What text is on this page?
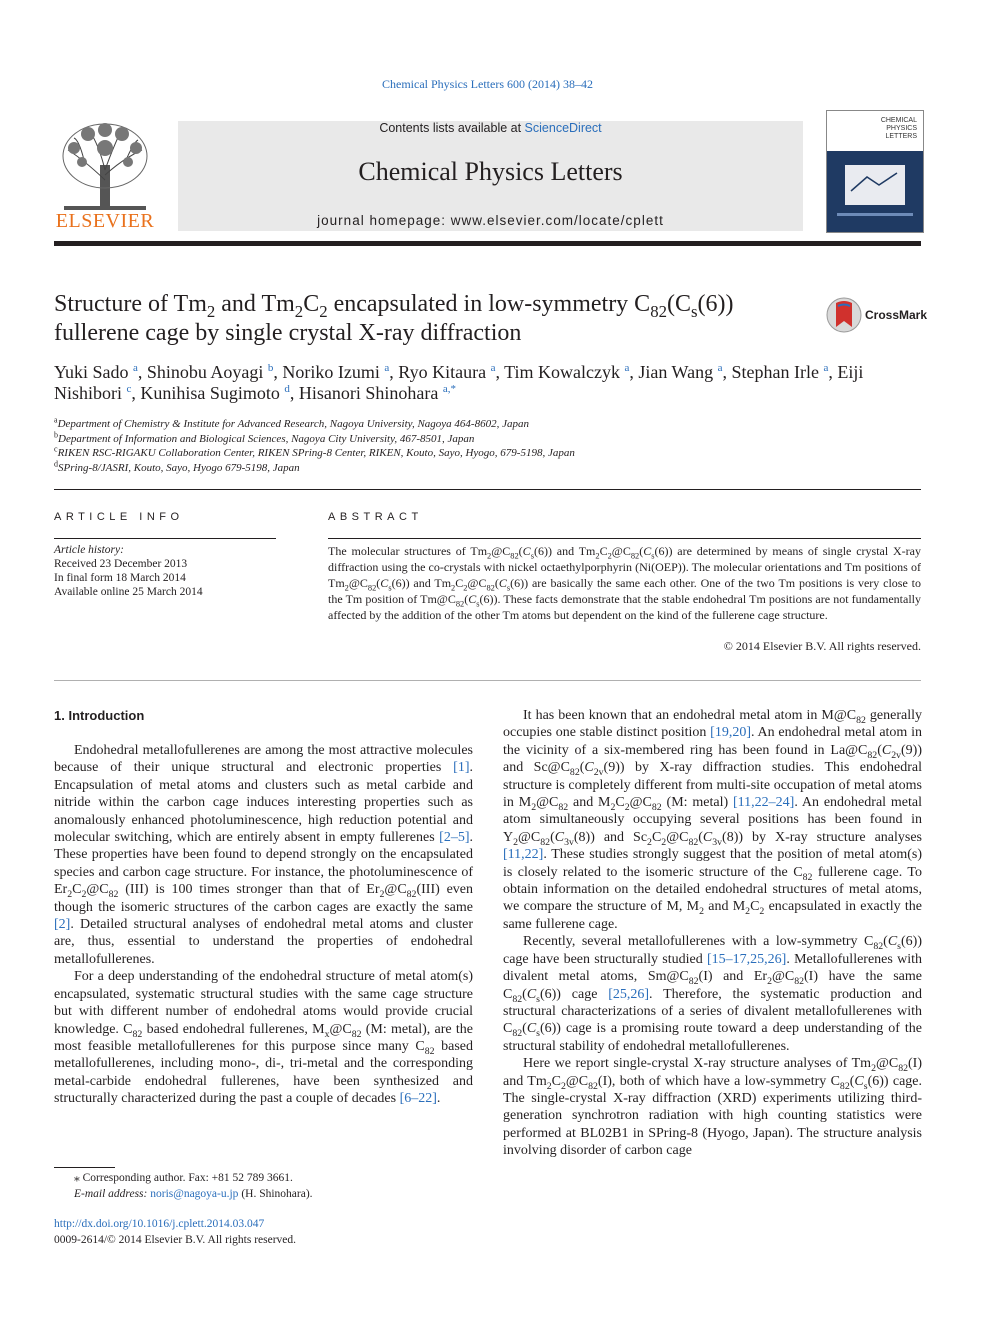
Chemical Physics Letters 600 (2014) 38–42
ELSEVIER
Contents lists available at ScienceDirect
Chemical Physics Letters
journal homepage: www.elsevier.com/locate/cplett
CHEMICAL
PHYSICS
LETTERS
Structure of $Tm_2$ and $Tm_2C_2$ encapsulated in low-symmetry $C_{82}(C_s(6))$ fullerene cage by single crystal X-ray diffraction
CrossMark
Yuki Sado $^a$, Shinobu Aoyagi $^b$, Noriko Izumi $^a$, Ryo Kitaura $^a$, Tim Kowalczyk $^a$, Jian Wang $^a$, Stephan Irle $^a$, Eiji Nishibori $^c$, Kunihisa Sugimoto $^d$, Hisanori Shinohara $^{a,*}$
$^a$Department of Chemistry & Institute for Advanced Research, Nagoya University, Nagoya 464-8602, Japan
$^b$Department of Information and Biological Sciences, Nagoya City University, 467-8501, Japan
$^c$RIKEN RSC-RIGAKU Collaboration Center, RIKEN SPring-8 Center, RIKEN, Kouto, Sayo, Hyogo, 679-5198, Japan
$^d$SPring-8/JASRI, Kouto, Sayo, Hyogo 679-5198, Japan
ARTICLE INFO	ABSTRACT
Article history:
Received 23 December 2013
In final form 18 March 2014
Available online 25 March 2014
The molecular structures of $Tm_2@C_{82}(C_s(6))$ and $Tm_2C_2@C_{82}(C_s(6))$ are determined by means of single crystal X-ray diffraction using the co-crystals with nickel octaethylporphyrin (Ni(OEP)). The molecular orientations and Tm positions of $Tm_2@C_{82}(C_s(6))$ and $Tm_2C_2@C_{82}(C_s(6))$ are basically the same each other. One of the two Tm positions is very close to the Tm position of $Tm@C_{82}(C_s(6))$. These facts demonstrate that the stable endohedral Tm positions are not fundamentally affected by the addition of the other Tm atoms but dependent on the kind of the fullerene cage structure.
© 2014 Elsevier B.V. All rights reserved.
1. Introduction

Endohedral metallofullerenes are among the most attractive molecules because of their unique structural and electronic properties [1]. Encapsulation of metal atoms and clusters such as metal carbide and nitride within the carbon cage induces interesting properties such as anomalously enhanced photoluminescence, high reduction potential and molecular switching, which are entirely absent in empty fullerenes [2–5]. These properties have been found to depend strongly on the encapsulated species and carbon cage structure. For instance, the photoluminescence of $Er_2C_2@C_{82}$ (III) is 100 times stronger than that of $Er_2@C_{82}(III)$ even though the isomeric structures of the carbon cages are exactly the same [2]. Detailed structural analyses of endohedral metal atoms and cluster are, thus, essential to understand the properties of endohedral metallofullerenes.

For a deep understanding of the endohedral structure of metal atom(s) encapsulated, systematic structural studies with the same cage structure but with different number of endohedral atoms would provide crucial knowledge. $C_{82}$ based endohedral fullerenes, $M_x@C_{82}$ (M: metal), are the most feasible metallofullerenes for this purpose since many $C_{82}$ based metallofullerenes, including mono-, di-, tri-metal and the corresponding metal-carbide endohedral fullerenes, have been synthesized and structurally characterized during the past a couple of decades [6–22].

It has been known that an endohedral metal atom in $M@C_{82}$ generally occupies one stable distinct position [19,20]. An endohedral metal atom in the vicinity of a six-membered ring has been found in $La@C_{82}(C_{2v}(9))$ and $Sc@C_{82}(C_{2v}(9))$ by X-ray diffraction studies. This endohedral structure is completely different from multi-site occupation of metal atoms in $M_2@C_{82}$ and $M_2C_2@C_{82}$ (M: metal) [11,22–24]. An endohedral metal atom simultaneously occupying several positions has been found in $Y_2@C_{82}(C_{3v}(8))$ and $Sc_2C_2@C_{82}(C_{3v}(8))$ by X-ray structure analyses [11,22]. These studies strongly suggest that the position of metal atom(s) is closely related to the isomeric structure of the $C_{82}$ fullerene cage. To obtain information on the detailed endohedral structures of metal atoms, we compare the structure of M, $M_2$ and $M_2C_2$ encapsulated in exactly the same fullerene cage.

Recently, several metallofullerenes with a low-symmetry $C_{82}(C_s(6))$ cage have been structurally studied [15–17,25,26]. Metallofullerenes with divalent metal atoms, $Sm@C_{82}(I)$ and $Er_2@C_{82}(I)$ have the same $C_{82}(C_s(6))$ cage [25,26]. Therefore, the systematic production and structural characterizations of a series of divalent metallofullerenes with $C_{82}(C_s(6))$ cage is a promising route toward a deep understanding of the structural stability of endohedral metallofullerenes.

Here we report single-crystal X-ray structure analyses of $Tm_2@C_{82}(I)$ and $Tm_2C_2@C_{82}(I)$, both of which have a low-symmetry $C_{82}(C_s(6))$ cage. The single-crystal X-ray diffraction (XRD) experiments utilizing third-generation synchrotron radiation with high counting statistics were performed at BL02B1 in SPring-8 (Hyogo, Japan). The structure analysis involving disorder of carbon cage

⁎ Corresponding author. Fax: +81 52 789 3661.
E-mail address: noris@nagoya-u.jp (H. Shinohara).
http://dx.doi.org/10.1016/j.cplett.2014.03.047
0009-2614/© 2014 Elsevier B.V. All rights reserved.
